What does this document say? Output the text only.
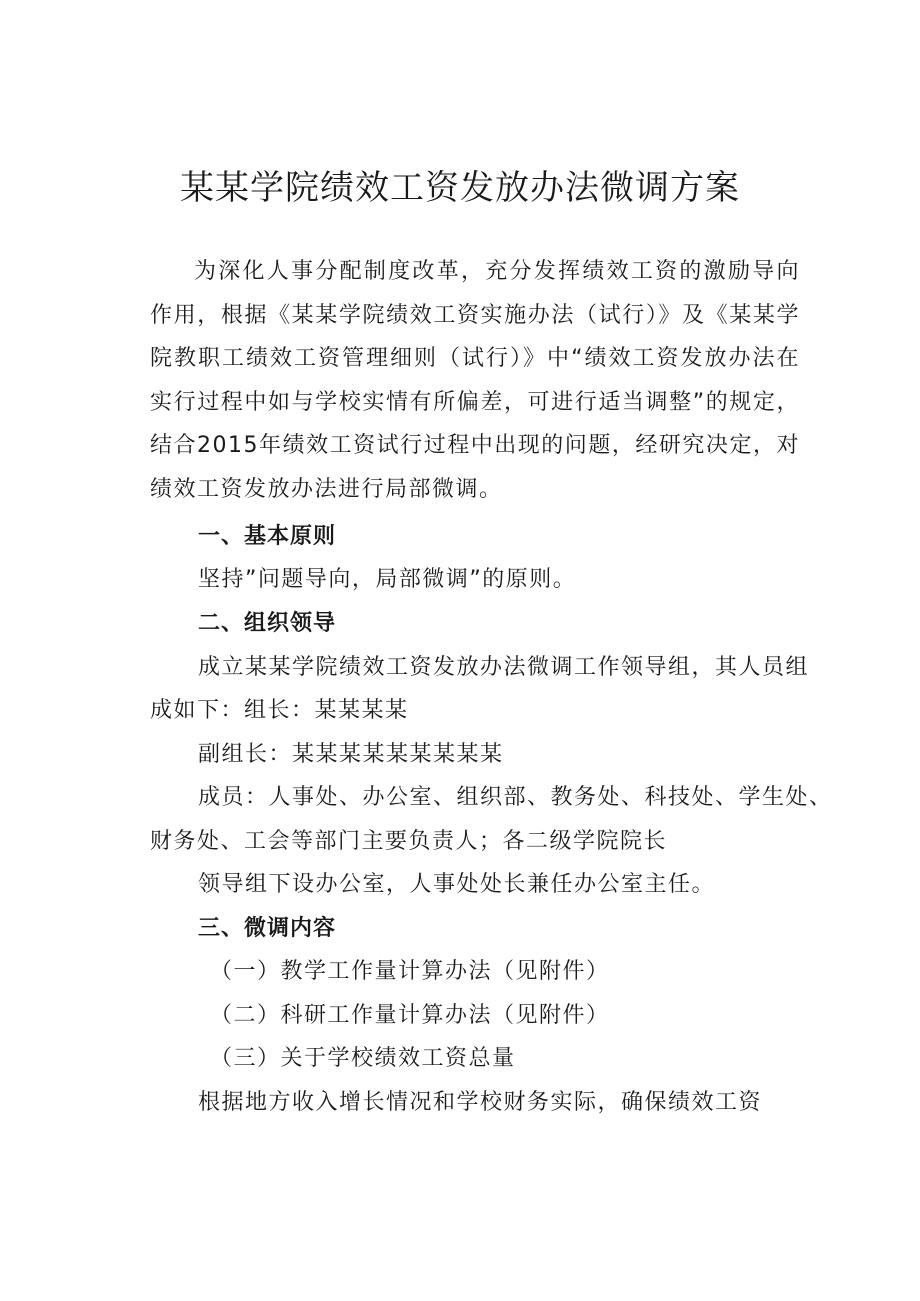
某某学院绩效工资发放办法微调方案
为深化人事分配制度改革，充分发挥绩效工资的激励导向作用，根据《某某学院绩效工资实施办法（试行）》及《某某学院教职工绩效工资管理细则（试行）》中“绩效工资发放办法在实行过程中如与学校实情有所偏差，可进行适当调整”的规定，结合2015年绩效工资试行过程中出现的问题，经研究决定，对绩效工资发放办法进行局部微调。
一、基本原则
坚持”问题导向，局部微调”的原则。
二、组织领导
成立某某学院绩效工资发放办法微调工作领导组，其人员组
成如下：组长：某某某某
副组长：某某某某某某某某某
成员：人事处、办公室、组织部、教务处、科技处、学生处、
财务处、工会等部门主要负责人；各二级学院院长
领导组下设办公室，人事处处长兼任办公室主任。
三、微调内容
（一）教学工作量计算办法（见附件）
（二）科研工作量计算办法（见附件）
（三）关于学校绩效工资总量
根据地方收入增长情况和学校财务实际，确保绩效工资
